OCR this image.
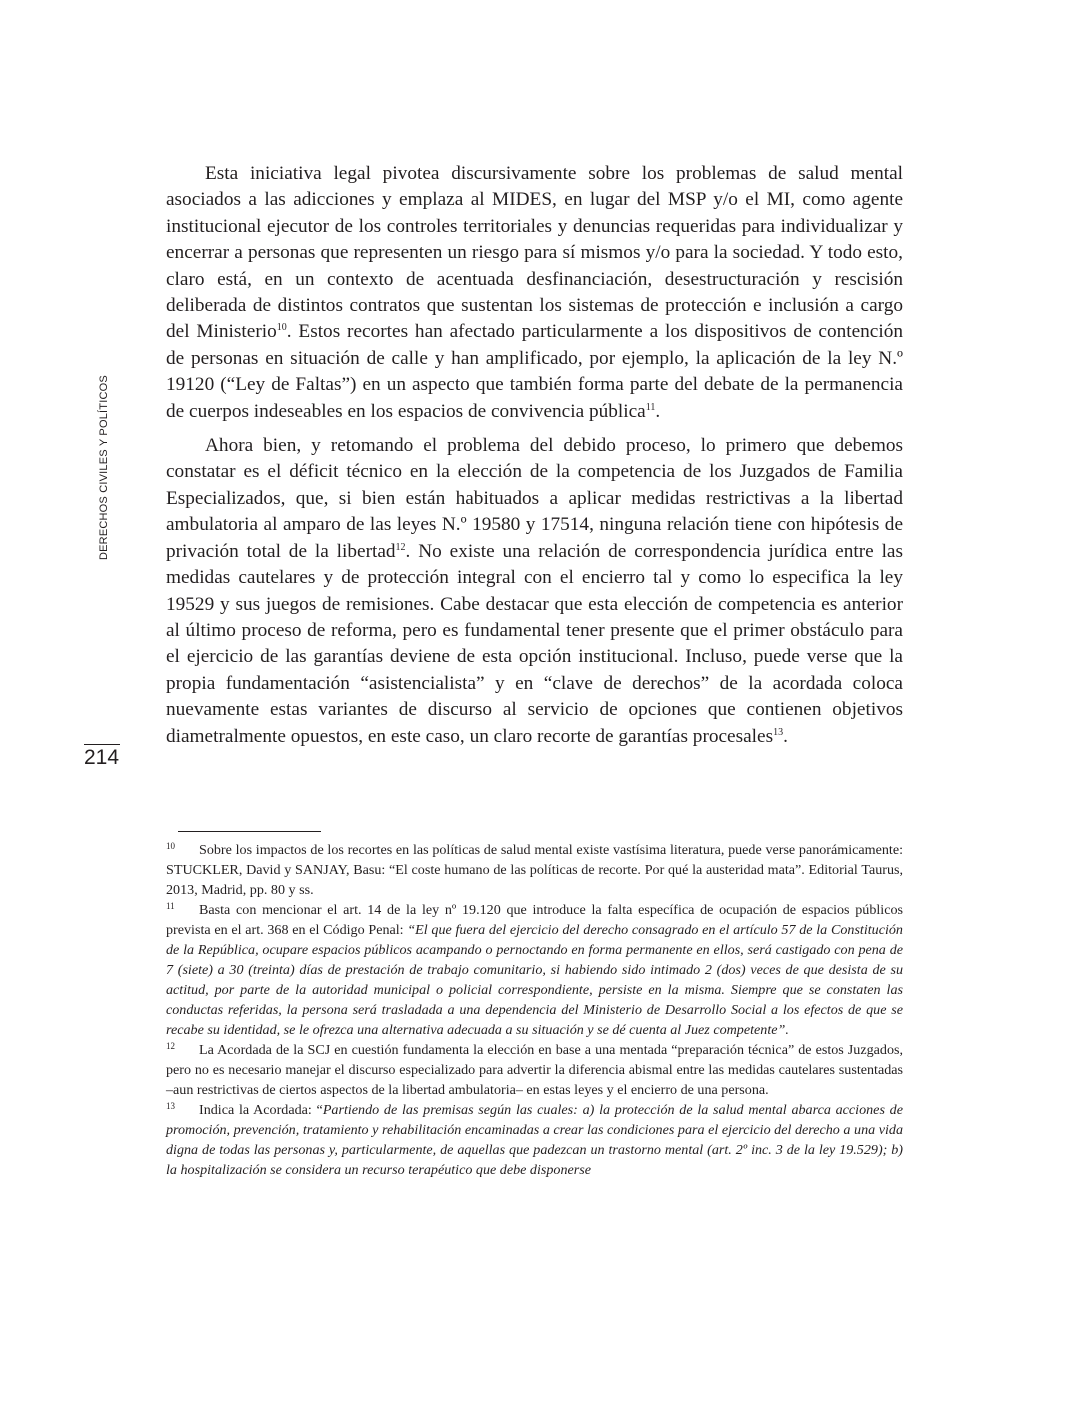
DERECHOS CIVILES Y POLÍTICOS
214

Esta iniciativa legal pivotea discursivamente sobre los problemas de salud mental asociados a las adicciones y emplaza al MIDES, en lugar del MSP y/o el MI, como agente institucional ejecutor de los controles territoriales y denuncias requeridas para individualizar y encerrar a personas que representen un riesgo para sí mismos y/o para la sociedad. Y todo esto, claro está, en un contexto de acentuada desfinanciación, desestructuración y rescisión deliberada de distintos contratos que sustentan los sistemas de protección e inclusión a cargo del Ministerio$^{10}$. Estos recortes han afectado particularmente a los dispositivos de contención de personas en situación de calle y han amplificado, por ejemplo, la aplicación de la ley N.º 19120 (“Ley de Faltas”) en un aspecto que también forma parte del debate de la permanencia de cuerpos indeseables en los espacios de convivencia pública$^{11}$.

Ahora bien, y retomando el problema del debido proceso, lo primero que debemos constatar es el déficit técnico en la elección de la competencia de los Juzgados de Familia Especializados, que, si bien están habituados a aplicar medidas restrictivas a la libertad ambulatoria al amparo de las leyes N.º 19580 y 17514, ninguna relación tiene con hipótesis de privación total de la libertad$^{12}$. No existe una relación de correspondencia jurídica entre las medidas cautelares y de protección integral con el encierro tal y como lo especifica la ley 19529 y sus juegos de remisiones. Cabe destacar que esta elección de competencia es anterior al último proceso de reforma, pero es fundamental tener presente que el primer obstáculo para el ejercicio de las garantías deviene de esta opción institucional. Incluso, puede verse que la propia fundamentación “asistencialista” y en “clave de derechos” de la acordada coloca nuevamente estas variantes de discurso al servicio de opciones que contienen objetivos diametralmente opuestos, en este caso, un claro recorte de garantías procesales$^{13}$.

10 Sobre los impactos de los recortes en las políticas de salud mental existe vastísima literatura, puede verse panorámicamente: STUCKLER, David y SANJAY, Basu: “El coste humano de las políticas de recorte. Por qué la austeridad mata”. Editorial Taurus, 2013, Madrid, pp. 80 y ss.

11 Basta con mencionar el art. 14 de la ley nº 19.120 que introduce la falta específica de ocupación de espacios públicos prevista en el art. 368 en el Código Penal: “El que fuera del ejercicio del derecho consagrado en el artículo 57 de la Constitución de la República, ocupare espacios públicos acampando o pernoctando en forma permanente en ellos, será castigado con pena de 7 (siete) a 30 (treinta) días de prestación de trabajo comunitario, si habiendo sido intimado 2 (dos) veces de que desista de su actitud, por parte de la autoridad municipal o policial correspondiente, persiste en la misma. Siempre que se constaten las conductas referidas, la persona será trasladada a una dependencia del Ministerio de Desarrollo Social a los efectos de que se recabe su identidad, se le ofrezca una alternativa adecuada a su situación y se dé cuenta al Juez competente”.

12 La Acordada de la SCJ en cuestión fundamenta la elección en base a una mentada “preparación técnica” de estos Juzgados, pero no es necesario manejar el discurso especializado para advertir la diferencia abismal entre las medidas cautelares sustentadas –aun restrictivas de ciertos aspectos de la libertad ambulatoria– en estas leyes y el encierro de una persona.

13 Indica la Acordada: “Partiendo de las premisas según las cuales: a) la protección de la salud mental abarca acciones de promoción, prevención, tratamiento y rehabilitación encaminadas a crear las condiciones para el ejercicio del derecho a una vida digna de todas las personas y, particularmente, de aquellas que padezcan un trastorno mental (art. 2º inc. 3 de la ley 19.529); b) la hospitalización se considera un recurso terapéutico que debe disponerse
